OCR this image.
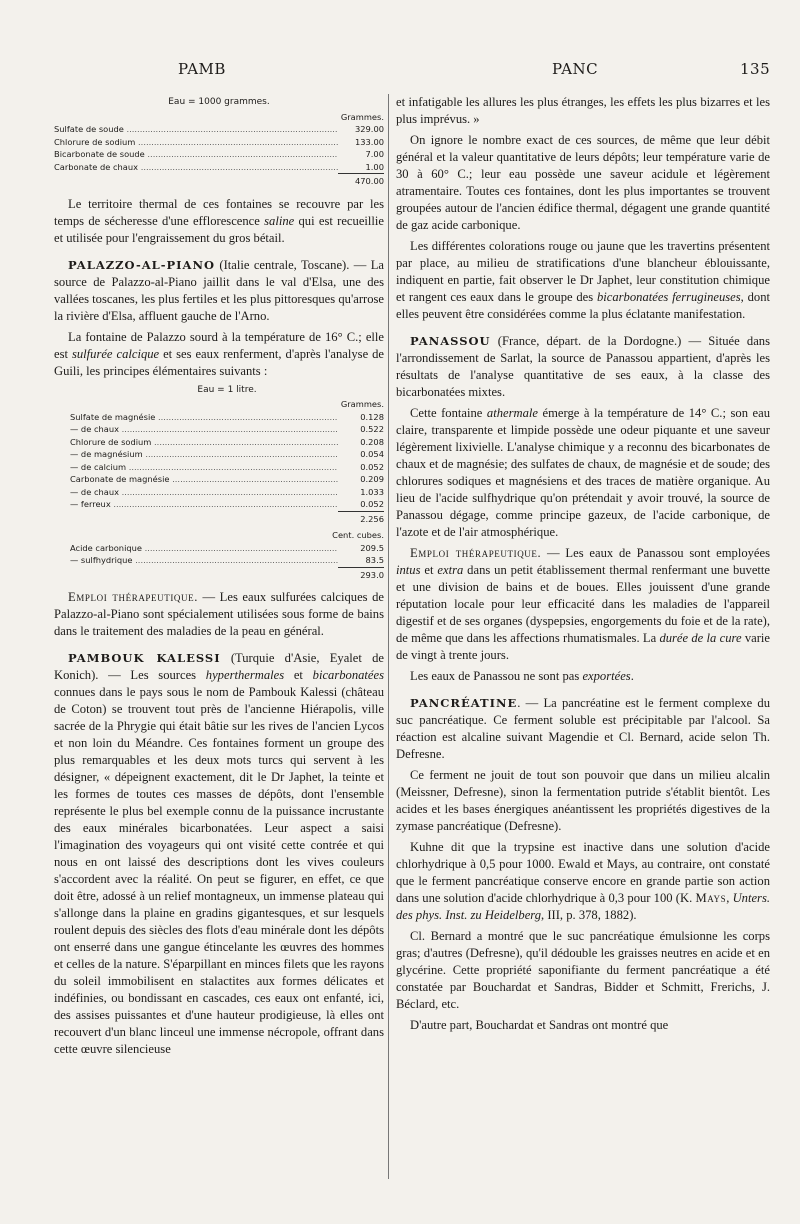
PAMB	PANC	135
Eau = 1000 grammes.
Grammes.
Sulfate de soude .....	329.00
Chlorure de sodium .....	133.00
Bicarbonate de soude .....	7.00
Carbonate de chaux .....	1.00
470.00

Le territoire thermal de ces fontaines se recouvre par les temps de sécheresse d'une efflorescence saline qui est recueillie et utilisée pour l'engraissement du gros bétail.

PALAZZO-AL-PIANO (Italie centrale, Toscane). — La source de Palazzo-al-Piano jaillit dans le val d'Elsa, une des vallées toscanes, les plus fertiles et les plus pittoresques qu'arrose la rivière d'Elsa, affluent gauche de l'Arno.

La fontaine de Palazzo sourd à la température de 16° C.; elle est sulfurée calcique et ses eaux renferment, d'après l'analyse de Guili, les principes élémentaires suivants :

Eau = 1 litre.
Grammes.
Sulfate de magnésie .....	0.128
— de chaux .....	0.522
Chlorure de sodium .....	0.208
— de magnésium .....	0.054
— de calcium .....	0.052
Carbonate de magnésie .....	0.209
— de chaux .....	1.033
— ferreux .....	0.052
2.256
Cent. cubes.
Acide carbonique .....	209.5
— sulfhydrique .....	83.5
293.0

Emploi thérapeutique. — Les eaux sulfurées calciques de Palazzo-al-Piano sont spécialement utilisées sous forme de bains dans le traitement des maladies de la peau en général.

PAMBOUK KALESSI (Turquie d'Asie, Eyalet de Konich). — Les sources hyperthermales et bicarbonatées connues dans le pays sous le nom de Pambouk Kalessi (château de Coton) se trouvent tout près de l'ancienne Hiérapolis, ville sacrée de la Phrygie qui était bâtie sur les rives de l'ancien Lycos et non loin du Méandre. Ces fontaines forment un groupe des plus remarquables et les deux mots turcs qui servent à les désigner, « dépeignent exactement, dit le Dr Japhet, la teinte et les formes de toutes ces masses de dépôts, dont l'ensemble représente le plus bel exemple connu de la puissance incrustante des eaux minérales bicarbonatées. Leur aspect a saisi l'imagination des voyageurs qui ont visité cette contrée et qui nous en ont laissé des descriptions dont les vives couleurs s'accordent avec la réalité. On peut se figurer, en effet, ce que doit être, adossé à un relief montagneux, un immense plateau qui s'allonge dans la plaine en gradins gigantesques, et sur lesquels roulent depuis des siècles des flots d'eau minérale dont les dépôts ont enserré dans une gangue étincelante les œuvres des hommes et celles de la nature. S'éparpillant en minces filets que les rayons du soleil immobilisent en stalactites aux formes délicates et indéfinies, ou bondissant en cascades, ces eaux ont enfanté, ici, des assises puissantes et d'une hauteur prodigieuse, là elles ont recouvert d'un blanc linceul une immense nécropole, offrant dans cette œuvre silencieuse

et infatigable les allures les plus étranges, les effets les plus bizarres et les plus imprévus. »

On ignore le nombre exact de ces sources, de même que leur débit général et la valeur quantitative de leurs dépôts; leur température varie de 30 à 60° C.; leur eau possède une saveur acidule et légèrement atramentaire. Toutes ces fontaines, dont les plus importantes se trouvent groupées autour de l'ancien édifice thermal, dégagent une grande quantité de gaz acide carbonique.

Les différentes colorations rouge ou jaune que les travertins présentent par place, au milieu de stratifications d'une blancheur éblouissante, indiquent en partie, fait observer le Dr Japhet, leur constitution chimique et rangent ces eaux dans le groupe des bicarbonatées ferrugineuses, dont elles peuvent être considérées comme la plus éclatante manifestation.

PANASSOU (France, départ. de la Dordogne.) — Située dans l'arrondissement de Sarlat, la source de Panassou appartient, d'après les résultats de l'analyse quantitative de ses eaux, à la classe des bicarbonatées mixtes.

Cette fontaine athermale émerge à la température de 14° C.; son eau claire, transparente et limpide possède une odeur piquante et une saveur légèrement lixivielle. L'analyse chimique y a reconnu des bicarbonates de chaux et de magnésie; des sulfates de chaux, de magnésie et de soude; des chlorures sodiques et magnésiens et des traces de matière organique. Au lieu de l'acide sulfhydrique qu'on prétendait y avoir trouvé, la source de Panassou dégage, comme principe gazeux, de l'acide carbonique, de l'azote et de l'air atmosphérique.

Emploi thérapeutique. — Les eaux de Panassou sont employées intus et extra dans un petit établissement thermal renfermant une buvette et une division de bains et de boues. Elles jouissent d'une grande réputation locale pour leur efficacité dans les maladies de l'appareil digestif et de ses organes (dyspepsies, engorgements du foie et de la rate), de même que dans les affections rhumatismales. La durée de la cure varie de vingt à trente jours.

Les eaux de Panassou ne sont pas exportées.

PANCRÉATINE. — La pancréatine est le ferment complexe du suc pancréatique. Ce ferment soluble est précipitable par l'alcool. Sa réaction est alcaline suivant Magendie et Cl. Bernard, acide selon Th. Defresne.

Ce ferment ne jouit de tout son pouvoir que dans un milieu alcalin (Meissner, Defresne), sinon la fermentation putride s'établit bientôt. Les acides et les bases énergiques anéantissent les propriétés digestives de la zymase pancréatique (Defresne).

Kuhne dit que la trypsine est inactive dans une solution d'acide chlorhydrique à 0,5 pour 1000. Ewald et Mays, au contraire, ont constaté que le ferment pancréatique conserve encore en grande partie son action dans une solution d'acide chlorhydrique à 0,3 pour 100 (K. Mays, Unters. des phys. Inst. zu Heidelberg, III, p. 378, 1882).

Cl. Bernard a montré que le suc pancréatique émulsionne les corps gras; d'autres (Defresne), qu'il dédouble les graisses neutres en acide et en glycérine. Cette propriété saponifiante du ferment pancréatique a été constatée par Bouchardat et Sandras, Bidder et Schmitt, Frerichs, J. Béclard, etc.

D'autre part, Bouchardat et Sandras ont montré que
